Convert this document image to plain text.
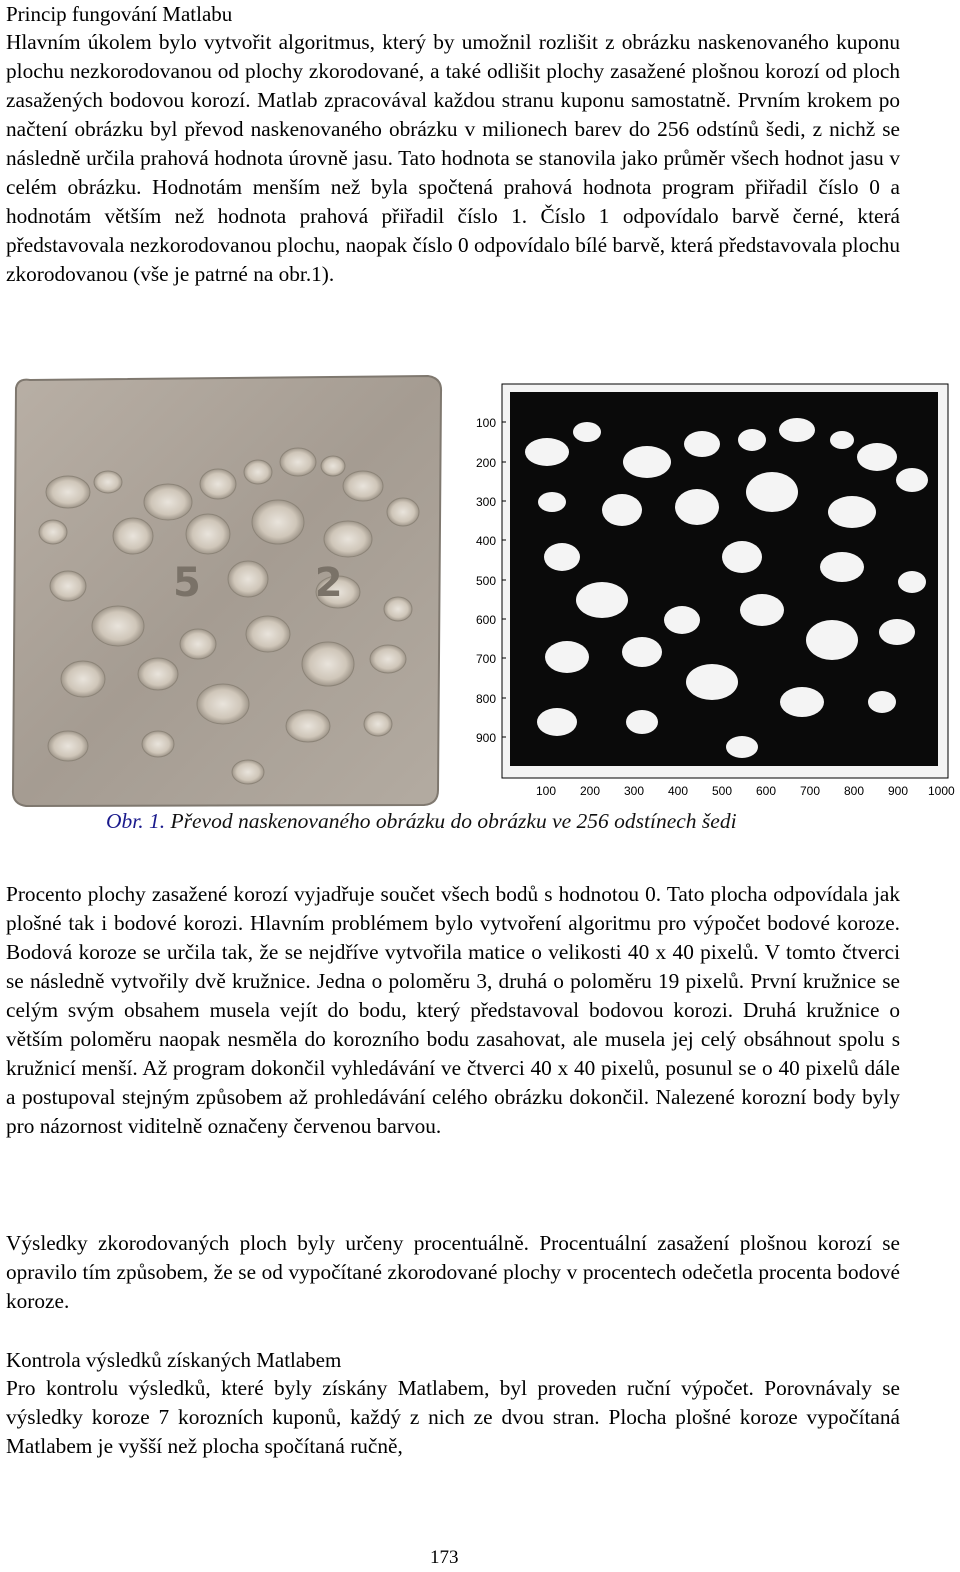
Princip fungování Matlabu

Hlavním úkolem bylo vytvořit algoritmus, který by umožnil rozlišit z obrázku naskenovaného kuponu plochu nezkorodovanou od plochy zkorodované, a také odlišit plochy zasažené plošnou korozí od ploch zasažených bodovou korozí. Matlab zpracovával každou stranu kuponu samostatně. Prvním krokem po načtení obrázku byl převod naskenovaného obrázku v milionech barev do 256 odstínů šedi, z nichž se následně určila prahová hodnota úrovně jasu. Tato hodnota se stanovila jako průměr všech hodnot jasu v celém obrázku. Hodnotám menším než byla spočtená prahová hodnota program přiřadil číslo 0 a hodnotám větším než hodnota prahová přiřadil číslo 1. Číslo 1 odpovídalo barvě černé, která představovala nezkorodovanou plochu, naopak číslo 0 odpovídalo bílé barvě, která představovala plochu zkorodovanou (vše je patrné na obr.1).

5 2
100
200
300
400
500
600
700
800
900
100 200 300 400 500 600 700 800 900 1000
Obr. 1. Převod naskenovaného obrázku do obrázku ve 256 odstínech šedi

Procento plochy zasažené korozí vyjadřuje součet všech bodů s hodnotou 0. Tato plocha odpovídala jak plošné tak i bodové korozi. Hlavním problémem bylo vytvoření algoritmu pro výpočet bodové koroze. Bodová koroze se určila tak, že se nejdříve vytvořila matice o velikosti 40 x 40 pixelů. V tomto čtverci se následně vytvořily dvě kružnice. Jedna o poloměru 3, druhá o poloměru 19 pixelů. První kružnice se celým svým obsahem musela vejít do bodu, který představoval bodovou korozi. Druhá kružnice o větším poloměru naopak nesměla do korozního bodu zasahovat, ale musela jej celý obsáhnout spolu s kružnicí menší. Až program dokončil vyhledávání ve čtverci 40 x 40 pixelů, posunul se o 40 pixelů dále a postupoval stejným způsobem až prohledávání celého obrázku dokončil. Nalezené korozní body byly pro názornost viditelně označeny červenou barvou.

Výsledky zkorodovaných ploch byly určeny procentuálně. Procentuální zasažení plošnou korozí se opravilo tím způsobem, že se od vypočítané zkorodované plochy v procentech odečetla procenta bodové koroze.

Kontrola výsledků získaných Matlabem

Pro kontrolu výsledků, které byly získány Matlabem, byl proveden ruční výpočet. Porovnávaly se výsledky koroze 7 korozních kuponů, každý z nich ze dvou stran. Plocha plošné koroze vypočítaná Matlabem je vyšší než plocha spočítaná ručně,

173
